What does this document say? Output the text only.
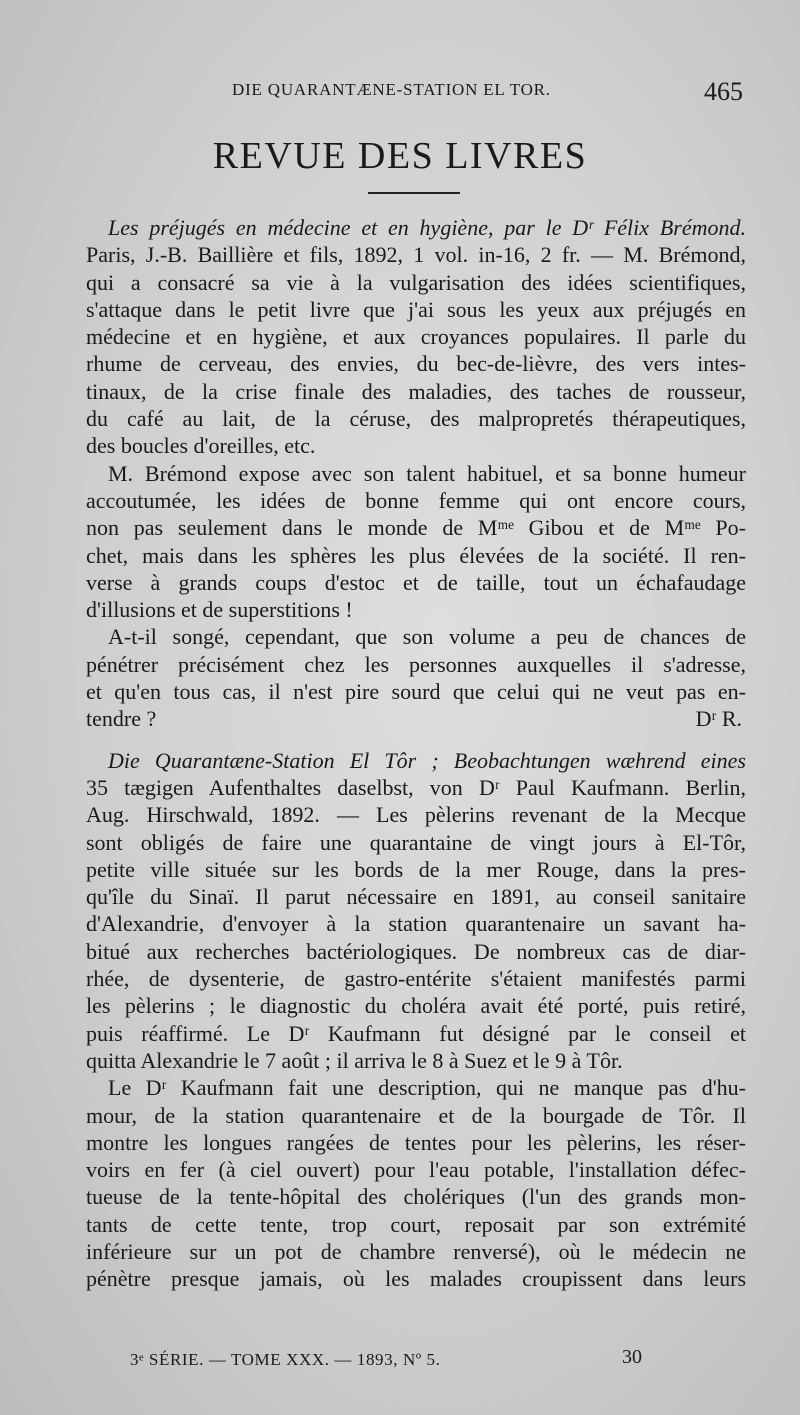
DIE QUARANTÆNE-STATION EL TOR.	465
REVUE DES LIVRES
Les préjugés en médecine et en hygiène, par le Dʳ Félix Brémond.
Paris, J.-B. Baillière et fils, 1892, 1 vol. in-16, 2 fr. — M. Brémond,
qui a consacré sa vie à la vulgarisation des idées scientifiques,
s'attaque dans le petit livre que j'ai sous les yeux aux préjugés en
médecine et en hygiène, et aux croyances populaires. Il parle du
rhume de cerveau, des envies, du bec-de-lièvre, des vers intes-
tinaux, de la crise finale des maladies, des taches de rousseur,
du café au lait, de la céruse, des malpropretés thérapeutiques,
des boucles d'oreilles, etc.
M. Brémond expose avec son talent habituel, et sa bonne humeur
accoutumée, les idées de bonne femme qui ont encore cours,
non pas seulement dans le monde de Mᵐᵉ Gibou et de Mᵐᵉ Po-
chet, mais dans les sphères les plus élevées de la société. Il ren-
verse à grands coups d'estoc et de taille, tout un échafaudage
d'illusions et de superstitions !
A-t-il songé, cependant, que son volume a peu de chances de
pénétrer précisément chez les personnes auxquelles il s'adresse,
et qu'en tous cas, il n'est pire sourd que celui qui ne veut pas en-
tendre ?	Dʳ R.
Die Quarantæne-Station El Tôr ; Beobachtungen wæhrend eines
35 tægigen Aufenthaltes daselbst, von Dʳ Paul Kaufmann. Berlin,
Aug. Hirschwald, 1892. — Les pèlerins revenant de la Mecque
sont obligés de faire une quarantaine de vingt jours à El-Tôr,
petite ville située sur les bords de la mer Rouge, dans la pres-
qu'île du Sinaï. Il parut nécessaire en 1891, au conseil sanitaire
d'Alexandrie, d'envoyer à la station quarantenaire un savant ha-
bitué aux recherches bactériologiques. De nombreux cas de diar-
rhée, de dysenterie, de gastro-entérite s'étaient manifestés parmi
les pèlerins ; le diagnostic du choléra avait été porté, puis retiré,
puis réaffirmé. Le Dʳ Kaufmann fut désigné par le conseil et
quitta Alexandrie le 7 août ; il arriva le 8 à Suez et le 9 à Tôr.
Le Dʳ Kaufmann fait une description, qui ne manque pas d'hu-
mour, de la station quarantenaire et de la bourgade de Tôr. Il
montre les longues rangées de tentes pour les pèlerins, les réser-
voirs en fer (à ciel ouvert) pour l'eau potable, l'installation défec-
tueuse de la tente-hôpital des cholériques (l'un des grands mon-
tants de cette tente, trop court, reposait par son extrémité
inférieure sur un pot de chambre renversé), où le médecin ne
pénètre presque jamais, où les malades croupissent dans leurs
3ᵉ SÉRIE. — TOME XXX. — 1893, Nº 5.	30
